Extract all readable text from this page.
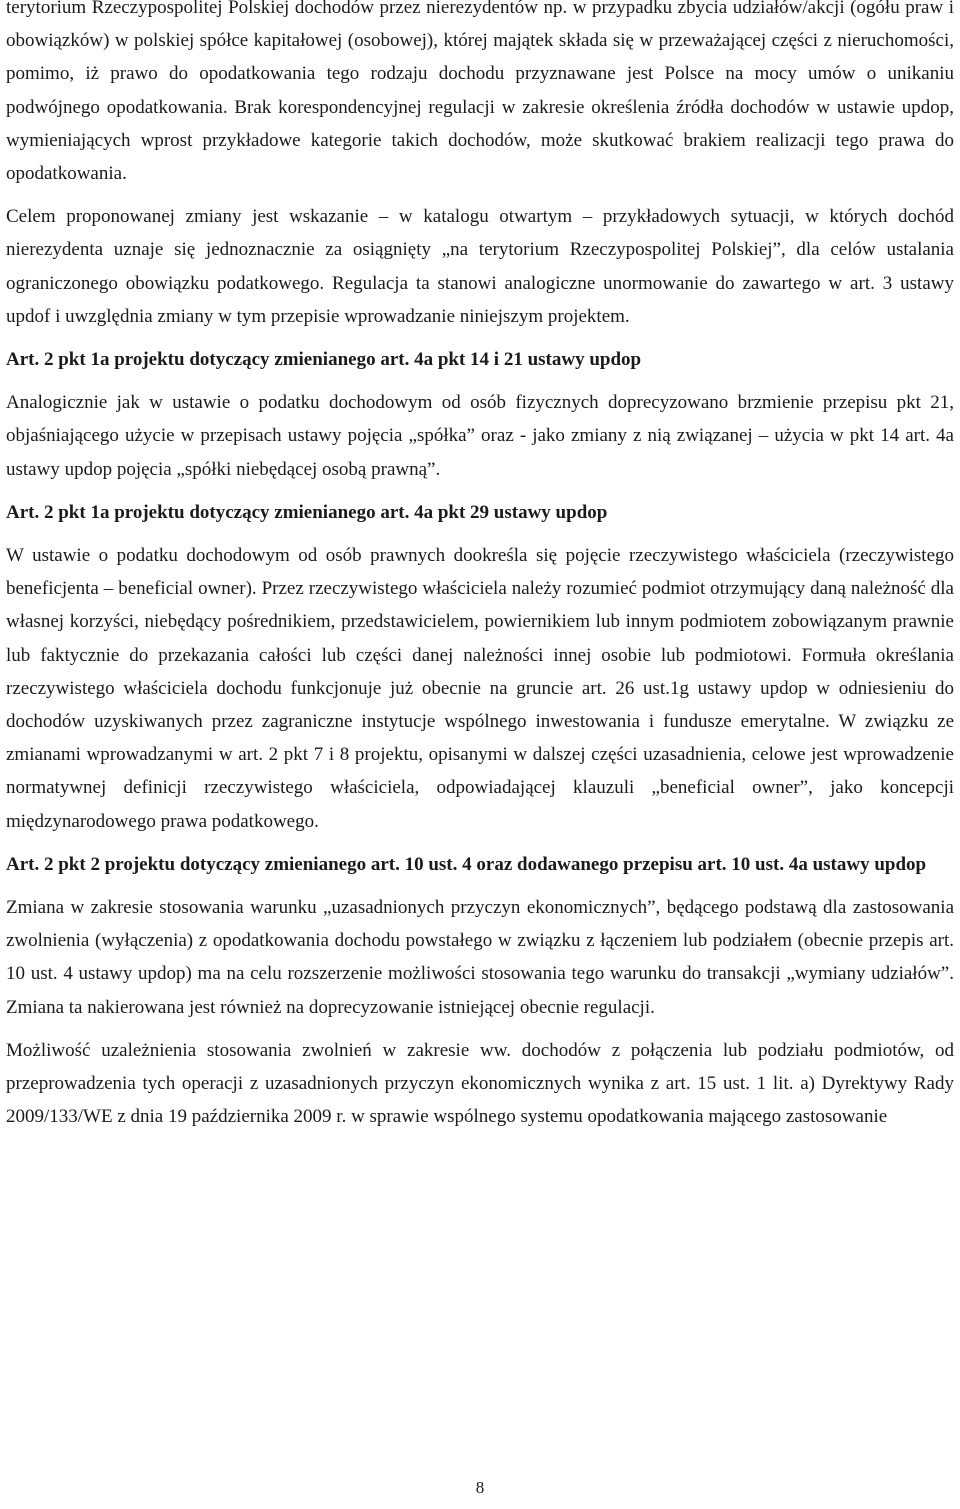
terytorium Rzeczypospolitej Polskiej dochodów przez nierezydentów np. w przypadku zbycia udziałów/akcji (ogółu praw i obowiązków) w polskiej spółce kapitałowej (osobowej), której majątek składa się w przeważającej części z nieruchomości, pomimo, iż prawo do opodatkowania tego rodzaju dochodu przyznawane jest Polsce na mocy umów o unikaniu podwójnego opodatkowania. Brak korespondencyjnej regulacji w zakresie określenia źródła dochodów w ustawie updop, wymieniających wprost przykładowe kategorie takich dochodów, może skutkować brakiem realizacji tego prawa do opodatkowania.

Celem proponowanej zmiany jest wskazanie – w katalogu otwartym – przykładowych sytuacji, w których dochód nierezydenta uznaje się jednoznacznie za osiągnięty „na terytorium Rzeczypospolitej Polskiej”, dla celów ustalania ograniczonego obowiązku podatkowego. Regulacja ta stanowi analogiczne unormowanie do zawartego w art. 3 ustawy updof i uwzględnia zmiany w tym przepisie wprowadzanie niniejszym projektem.

Art. 2 pkt 1a projektu dotyczący zmienianego art. 4a pkt 14 i 21 ustawy updop

Analogicznie jak w ustawie o podatku dochodowym od osób fizycznych doprecyzowano brzmienie przepisu pkt 21, objaśniającego użycie w przepisach ustawy pojęcia „spółka” oraz - jako zmiany z nią związanej – użycia w pkt 14 art. 4a ustawy updop pojęcia „spółki niebędącej osobą prawną”.

Art. 2 pkt 1a projektu dotyczący zmienianego art. 4a pkt 29 ustawy updop

W ustawie o podatku dochodowym od osób prawnych dookreśla się pojęcie rzeczywistego właściciela (rzeczywistego beneficjenta – beneficial owner). Przez rzeczywistego właściciela należy rozumieć podmiot otrzymujący daną należność dla własnej korzyści, niebędący pośrednikiem, przedstawicielem, powiernikiem lub innym podmiotem zobowiązanym prawnie lub faktycznie do przekazania całości lub części danej należności innej osobie lub podmiotowi. Formuła określania rzeczywistego właściciela dochodu funkcjonuje już obecnie na gruncie art. 26 ust.1g ustawy updop w odniesieniu do dochodów uzyskiwanych przez zagraniczne instytucje wspólnego inwestowania i fundusze emerytalne. W związku ze zmianami wprowadzanymi w art. 2 pkt 7 i 8 projektu, opisanymi w dalszej części uzasadnienia, celowe jest wprowadzenie normatywnej definicji rzeczywistego właściciela, odpowiadającej klauzuli „beneficial owner”, jako koncepcji międzynarodowego prawa podatkowego.

Art. 2 pkt 2 projektu dotyczący zmienianego art. 10 ust. 4 oraz dodawanego przepisu art. 10 ust. 4a ustawy updop

Zmiana w zakresie stosowania warunku „uzasadnionych przyczyn ekonomicznych”, będącego podstawą dla zastosowania zwolnienia (wyłączenia) z opodatkowania dochodu powstałego w związku z łączeniem lub podziałem (obecnie przepis art. 10 ust. 4 ustawy updop) ma na celu rozszerzenie możliwości stosowania tego warunku do transakcji „wymiany udziałów”. Zmiana ta nakierowana jest również na doprecyzowanie istniejącej obecnie regulacji.

Możliwość uzależnienia stosowania zwolnień w zakresie ww. dochodów z połączenia lub podziału podmiotów, od przeprowadzenia tych operacji z uzasadnionych przyczyn ekonomicznych wynika z art. 15 ust. 1 lit. a) Dyrektywy Rady 2009/133/WE z dnia 19 października 2009 r. w sprawie wspólnego systemu opodatkowania mającego zastosowanie

8
